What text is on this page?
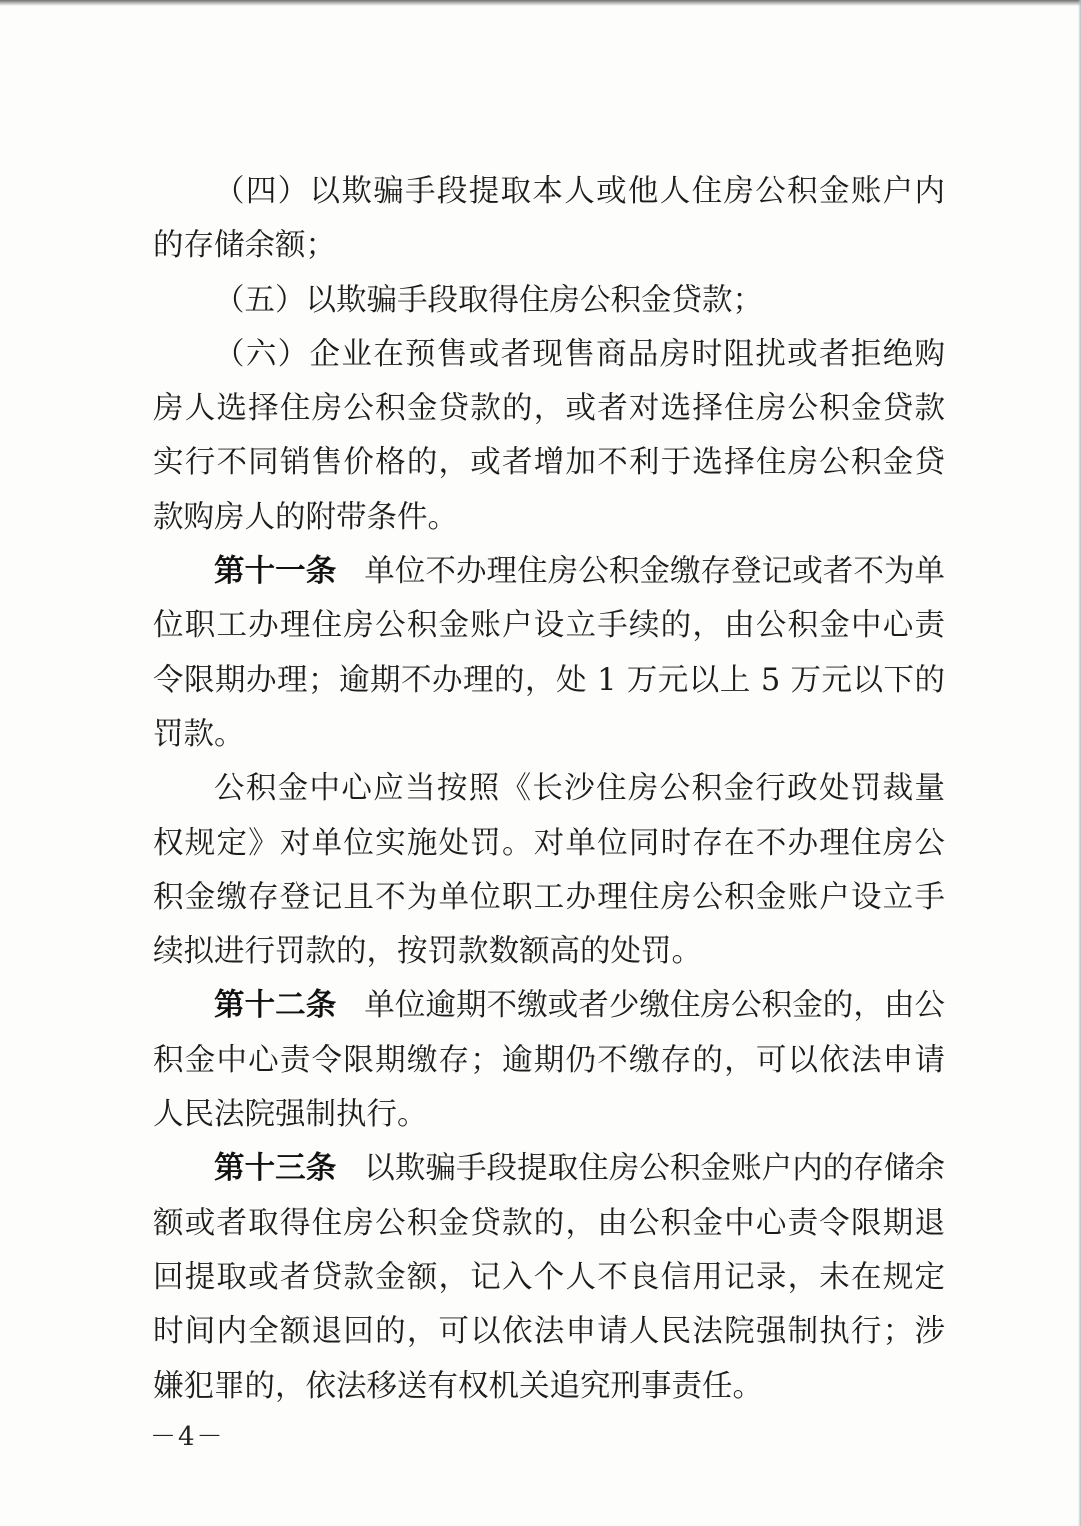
（四）以欺骗手段提取本人或他人住房公积金账户内的存储余额；

（五）以欺骗手段取得住房公积金贷款；

（六）企业在预售或者现售商品房时阻扰或者拒绝购房人选择住房公积金贷款的，或者对选择住房公积金贷款实行不同销售价格的，或者增加不利于选择住房公积金贷款购房人的附带条件。

第十一条 单位不办理住房公积金缴存登记或者不为单位职工办理住房公积金账户设立手续的，由公积金中心责令限期办理；逾期不办理的，处 1 万元以上 5 万元以下的罚款。

公积金中心应当按照《长沙住房公积金行政处罚裁量权规定》对单位实施处罚。对单位同时存在不办理住房公积金缴存登记且不为单位职工办理住房公积金账户设立手续拟进行罚款的，按罚款数额高的处罚。

第十二条 单位逾期不缴或者少缴住房公积金的，由公积金中心责令限期缴存；逾期仍不缴存的，可以依法申请人民法院强制执行。

第十三条 以欺骗手段提取住房公积金账户内的存储余额或者取得住房公积金贷款的，由公积金中心责令限期退回提取或者贷款金额，记入个人不良信用记录，未在规定时间内全额退回的，可以依法申请人民法院强制执行；涉嫌犯罪的，依法移送有权机关追究刑事责任。

－4－
